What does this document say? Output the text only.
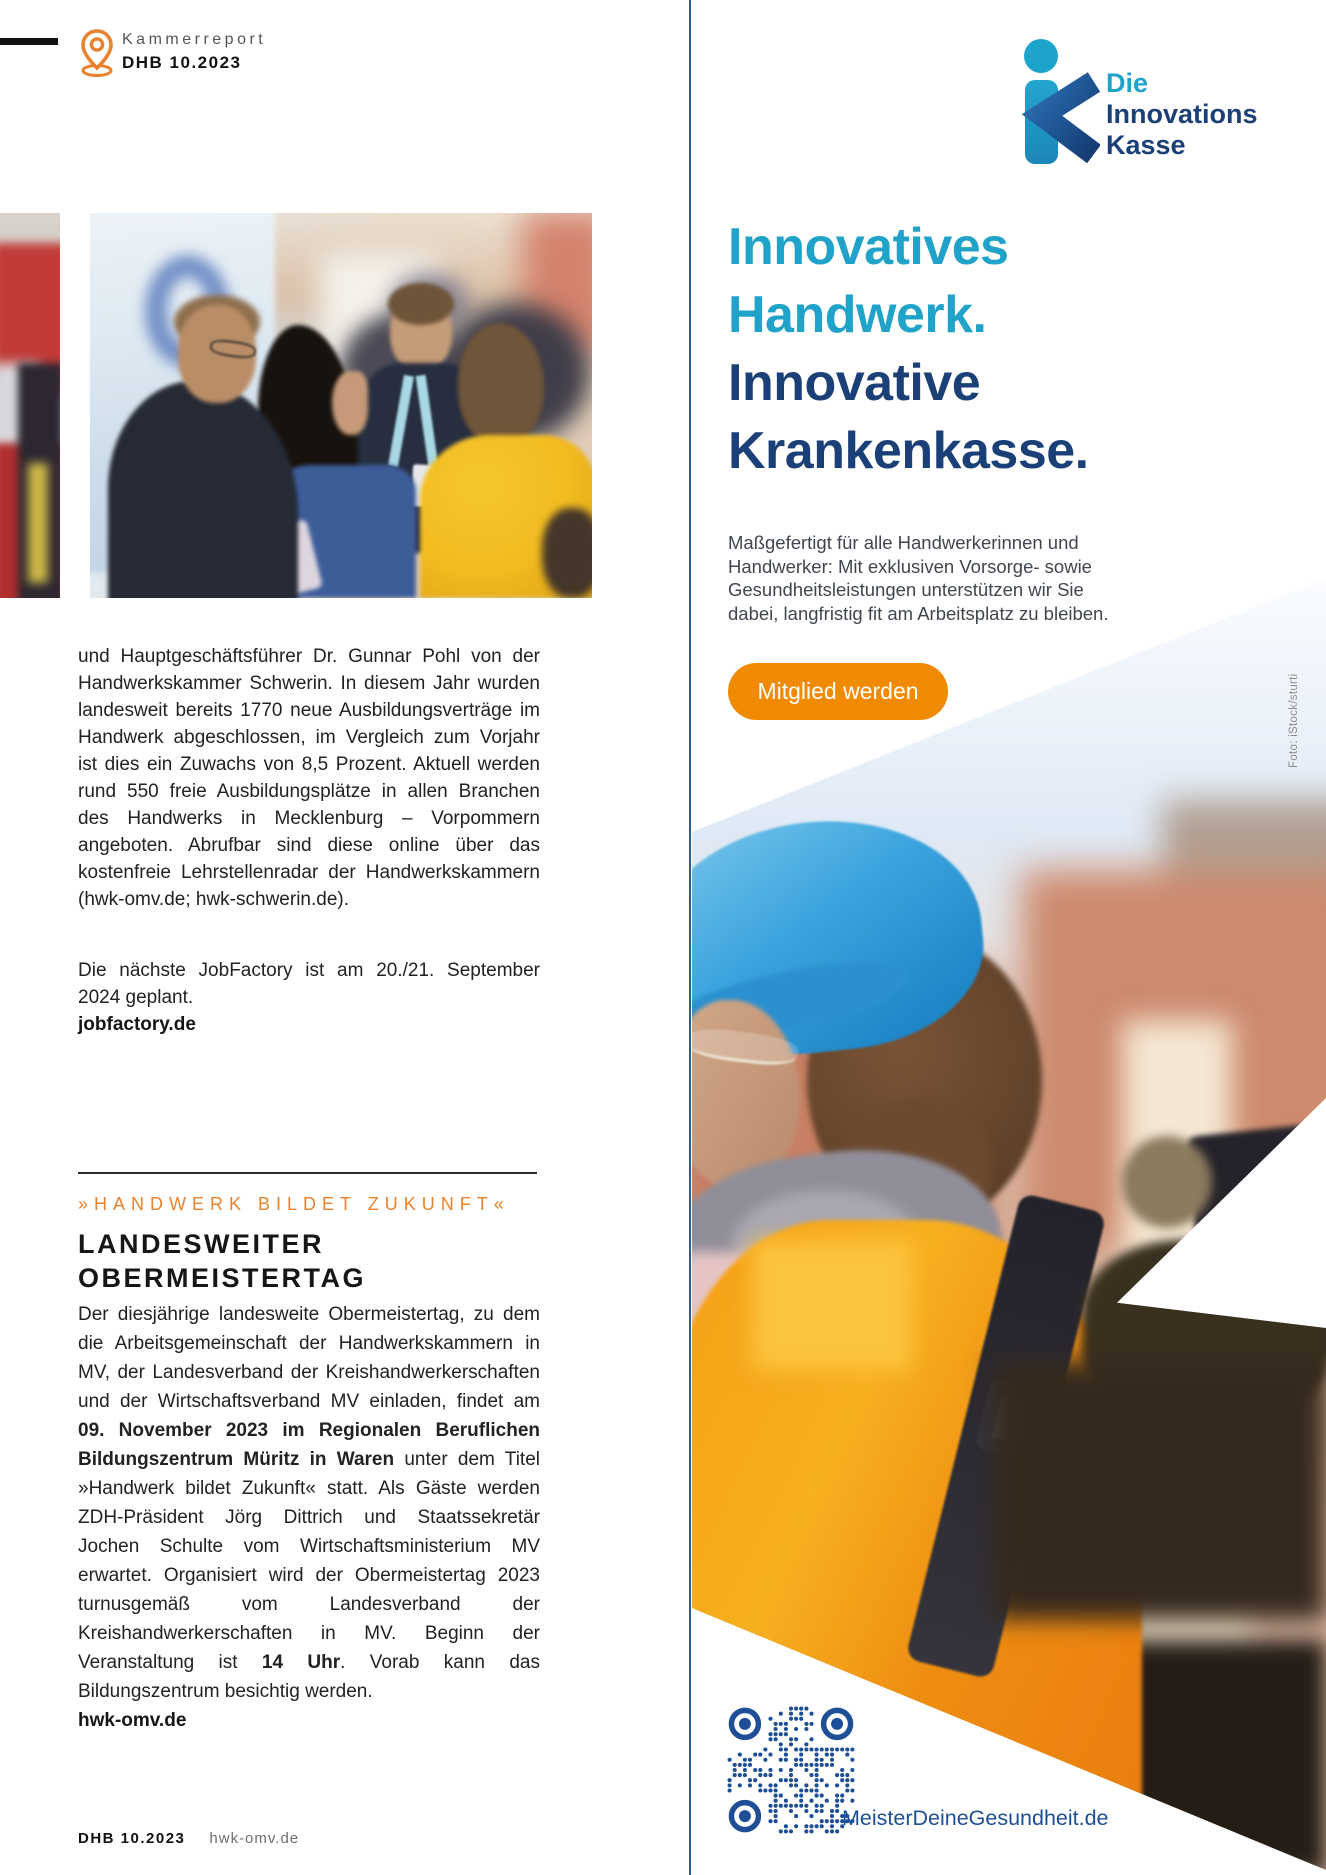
Kammerreport
DHB 10.2023

und Hauptgeschäftsführer Dr. Gunnar Pohl von der Handwerkskammer Schwerin. In diesem Jahr wurden landesweit bereits 1770 neue Ausbildungsverträge im Handwerk abgeschlossen, im Vergleich zum Vorjahr ist dies ein Zuwachs von 8,5 Prozent. Aktuell werden rund 550 freie Ausbildungsplätze in allen Branchen des Handwerks in Mecklenburg – Vorpommern angeboten. Abrufbar sind diese online über das kostenfreie Lehrstellenradar der Handwerkskammern (hwk-omv.de; hwk-schwerin.de).

Die nächste JobFactory ist am 20./21. September 2024 geplant.

jobfactory.de

»HANDWERK BILDET ZUKUNFT«
LANDESWEITER
OBERMEISTERTAG

Der diesjährige landesweite Obermeistertag, zu dem die Arbeitsgemeinschaft der Handwerkskammern in MV, der Landesverband der Kreishandwerkerschaften und der Wirtschaftsverband MV einladen, findet am 09. November 2023 im Regionalen Beruflichen Bildungszentrum Müritz in Waren unter dem Titel »Handwerk bildet Zukunft« statt. Als Gäste werden ZDH-Präsident Jörg Dittrich und Staatssekretär Jochen Schulte vom Wirtschaftsministerium MV erwartet. Organisiert wird der Obermeistertag 2023 turnusgemäß vom Landesverband der Kreishandwerkerschaften in MV. Beginn der Veranstaltung ist 14 Uhr. Vorab kann das Bildungszentrum besichtig werden.

hwk-omv.de

DHB 10.2023 hwk-omv.de
Die
Innovations
Kasse
Innovatives
Handwerk.
Innovative
Krankenkasse.

Maßgefertigt für alle Handwerkerinnen und Handwerker: Mit exklusiven Vorsorge- sowie Gesundheitsleistungen unterstützen wir Sie dabei, langfristig fit am Arbeitsplatz zu bleiben.

Mitglied werden	Foto: iStock/sturti
MeisterDeineGesundheit.de
